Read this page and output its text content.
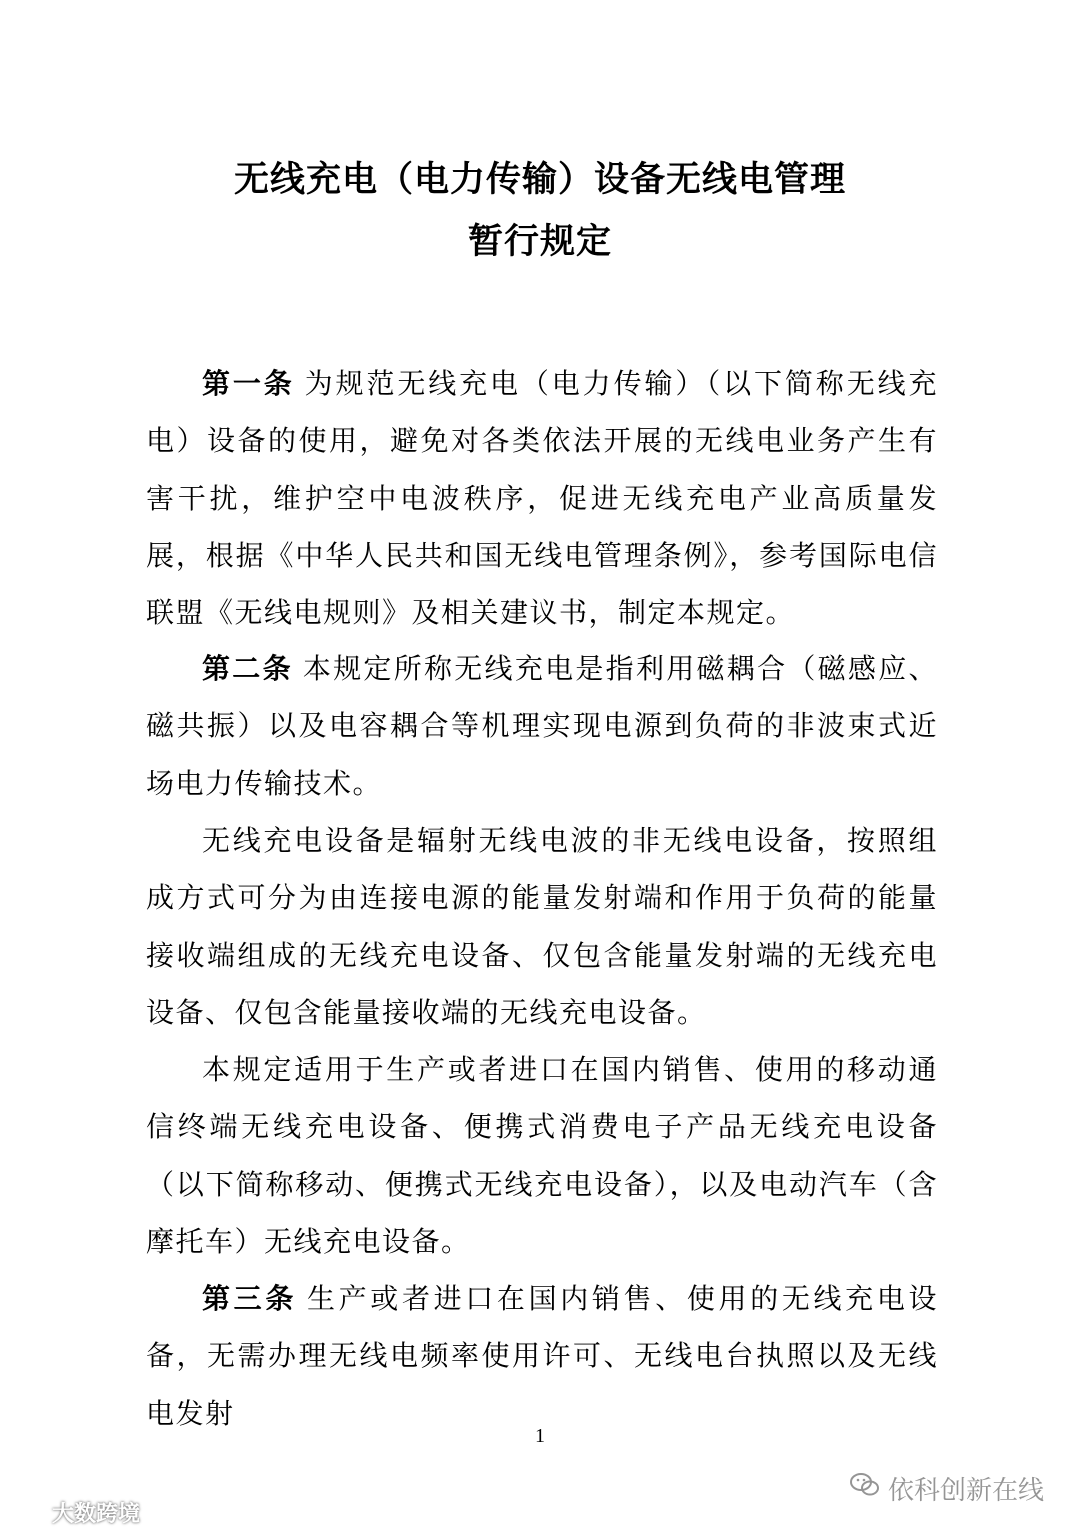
无线充电（电力传输）设备无线电管理
暂行规定

第一条 为规范无线充电（电力传输）（以下简称无线充电）设备的使用，避免对各类依法开展的无线电业务产生有害干扰，维护空中电波秩序，促进无线充电产业高质量发展，根据《中华人民共和国无线电管理条例》，参考国际电信联盟《无线电规则》及相关建议书，制定本规定。

第二条 本规定所称无线充电是指利用磁耦合（磁感应、磁共振）以及电容耦合等机理实现电源到负荷的非波束式近场电力传输技术。

无线充电设备是辐射无线电波的非无线电设备，按照组成方式可分为由连接电源的能量发射端和作用于负荷的能量接收端组成的无线充电设备、仅包含能量发射端的无线充电设备、仅包含能量接收端的无线充电设备。

本规定适用于生产或者进口在国内销售、使用的移动通信终端无线充电设备、便携式消费电子产品无线充电设备（以下简称移动、便携式无线充电设备），以及电动汽车（含摩托车）无线充电设备。

第三条 生产或者进口在国内销售、使用的无线充电设备，无需办理无线电频率使用许可、无线电台执照以及无线电发射

1
依科创新在线
大数跨境
